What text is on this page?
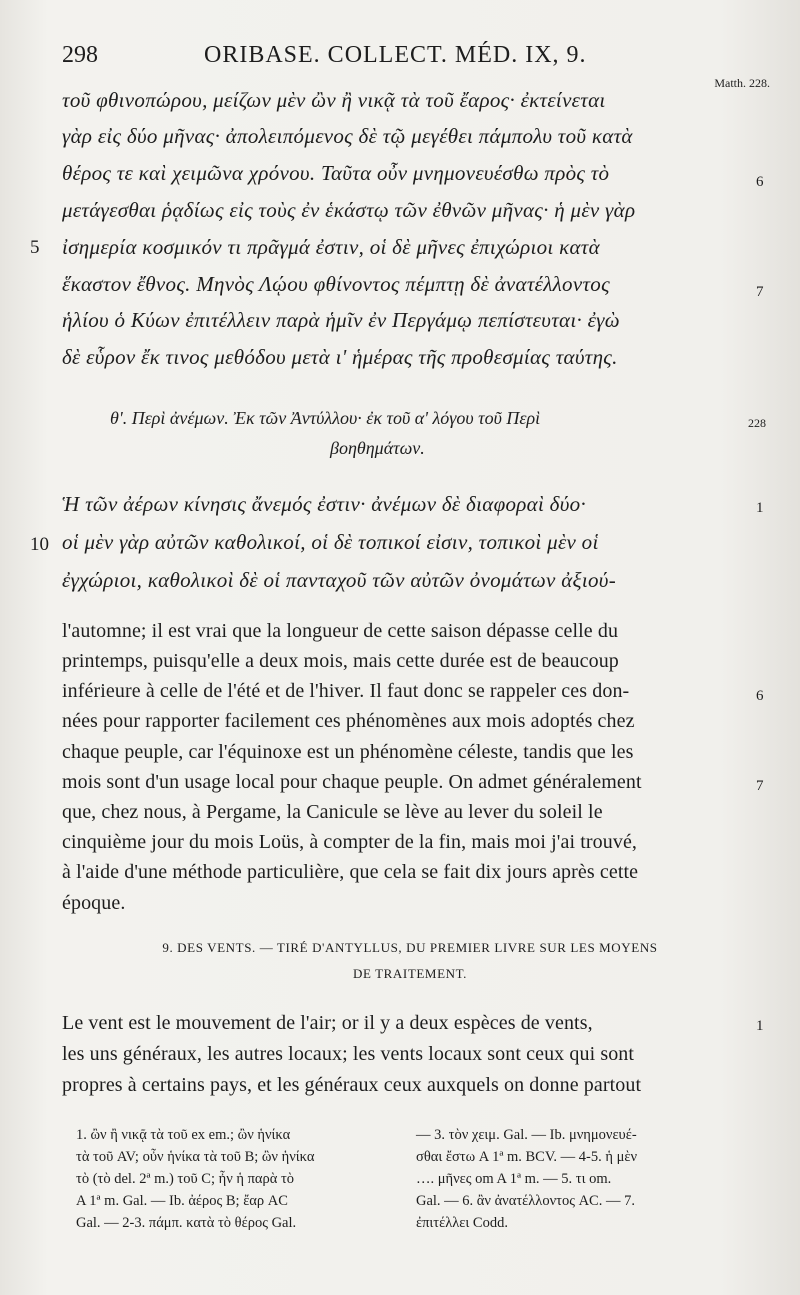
298	ORIBASE. COLLECT. MÉD. IX, 9.
Matth. 228.
τοῦ φθινοπώρου, μείζων μὲν ὢν ἢ νικᾷ τὰ τοῦ ἔαρος· ἐκτείνεται
γὰρ εἰς δύο μῆνας· ἀπολειπόμενος δὲ τῷ μεγέθει πάμπολυ τοῦ κατὰ
θέρος τε καὶ χειμῶνα χρόνου. Ταῦτα οὖν μνημονευέσθω πρὸς τὸ
μετάγεσθαι ῥᾳδίως εἰς τοὺς ἐν ἑκάστῳ τῶν ἐθνῶν μῆνας· ἡ μὲν γὰρ
ἰσημερία κοσμικόν τι πρᾶγμά ἐστιν, οἱ δὲ μῆνες ἐπιχώριοι κατὰ
ἕκαστον ἔθνος. Μηνὸς Λῴου φθίνοντος πέμπτῃ δὲ ἀνατέλλοντος
ἡλίου ὁ Κύων ἐπιτέλλειν παρὰ ἡμῖν ἐν Περγάμῳ πεπίστευται· ἐγὼ
δὲ εὗρον ἔκ τινος μεθόδου μετὰ ι' ἡμέρας τῆς προθεσμίας ταύτης.
5
6
7
θ'. Περὶ ἀνέμων. Ἐκ τῶν Ἀντύλλου· ἐκ τοῦ α' λόγου τοῦ Περὶ
βοηθημάτων.
228
Ἡ τῶν ἀέρων κίνησις ἄνεμός ἐστιν· ἀνέμων δὲ διαφοραὶ δύο·
οἱ μὲν γὰρ αὐτῶν καθολικοί, οἱ δὲ τοπικοί εἰσιν, τοπικοὶ μὲν οἱ
ἐγχώριοι, καθολικοὶ δὲ οἱ πανταχοῦ τῶν αὐτῶν ὀνομάτων ἀξιού-
10
1
l'automne; il est vrai que la longueur de cette saison dépasse celle du
printemps, puisqu'elle a deux mois, mais cette durée est de beaucoup
inférieure à celle de l'été et de l'hiver. Il faut donc se rappeler ces don-
nées pour rapporter facilement ces phénomènes aux mois adoptés chez
chaque peuple, car l'équinoxe est un phénomène céleste, tandis que les
mois sont d'un usage local pour chaque peuple. On admet généralement
que, chez nous, à Pergame, la Canicule se lève au lever du soleil le
cinquième jour du mois Loüs, à compter de la fin, mais moi j'ai trouvé,
à l'aide d'une méthode particulière, que cela se fait dix jours après cette
époque.
6
7
9. DES VENTS. — TIRÉ D'ANTYLLUS, DU PREMIER LIVRE SUR LES MOYENS
DE TRAITEMENT.
Le vent est le mouvement de l'air; or il y a deux espèces de vents,
les uns généraux, les autres locaux; les vents locaux sont ceux qui sont
propres à certains pays, et les généraux ceux auxquels on donne partout
1
1. ὢν ἢ νικᾷ τὰ τοῦ ex em.; ὢν ἡνίκα
τὰ τοῦ AV; οὖν ἡνίκα τὰ τοῦ B; ὢν ἡνίκα
τὸ (τὸ del. 2ª m.) τοῦ C; ἦν ἡ παρὰ τὸ
A 1ª m. Gal. — Ib. ἀέρος B; ἔαρ AC
Gal. — 2-3. πάμπ. κατὰ τὸ θέρος Gal.
— 3. τὸν χειμ. Gal. — Ib. μνημονευέ-
σθαι ἔστω A 1ª m. BCV. — 4-5. ἡ μὲν
…. μῆνες om A 1ª m. — 5. τι om.
Gal. — 6. ἂν ἀνατέλλοντος AC. — 7.
ἐπιτέλλει Codd.
